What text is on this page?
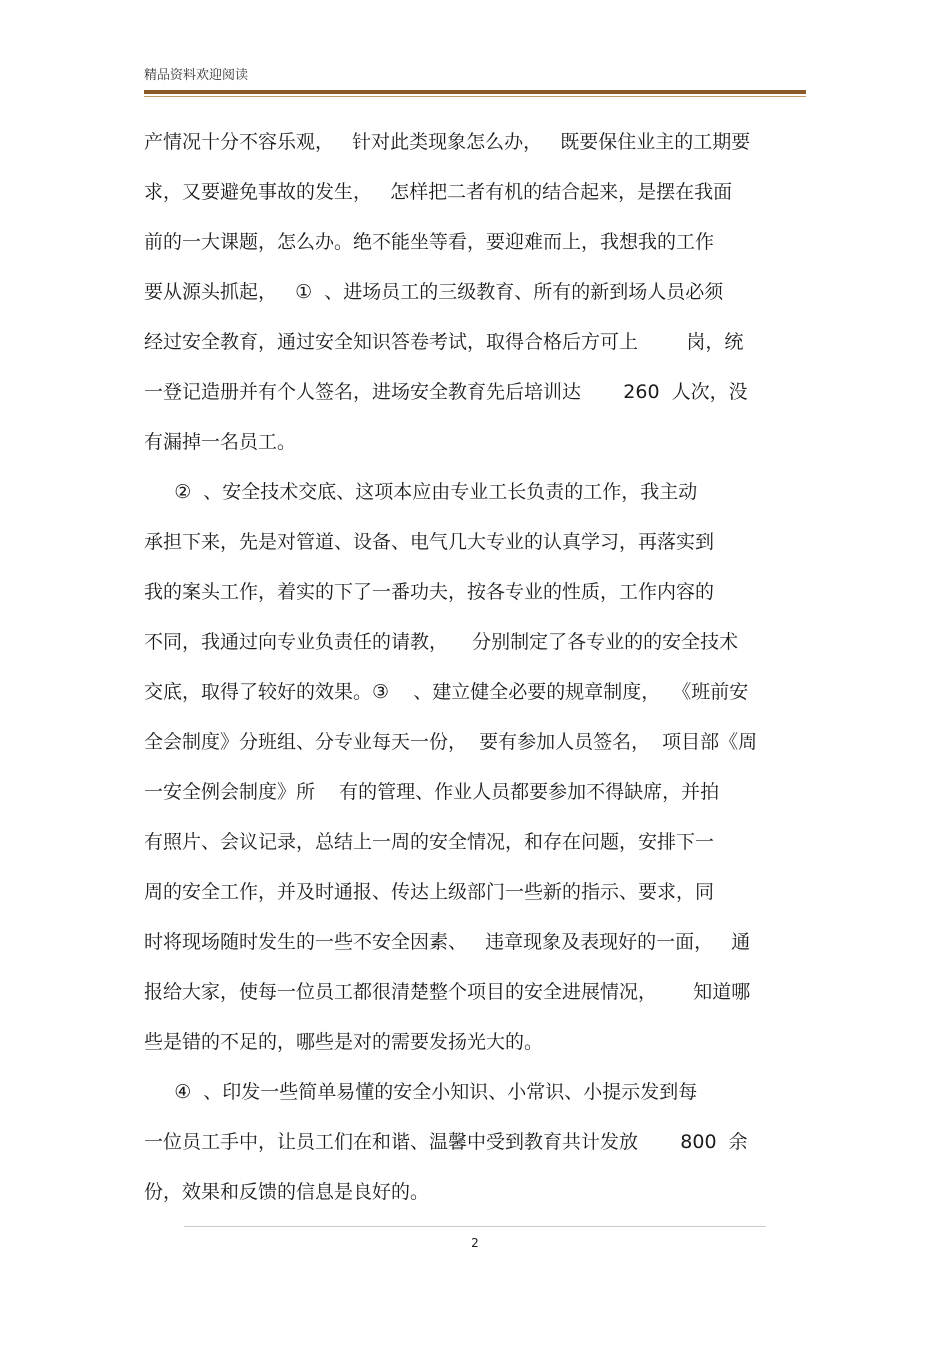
精品资料欢迎阅读
产情况十分不容乐观，   针对此类现象怎么办，   既要保住业主的工期要
求，又要避免事故的发生，   怎样把二者有机的结合起来，是摆在我面
前的一大课题，怎么办。绝不能坐等看，要迎难而上，我想我的工作
要从源头抓起，   ①  、进场员工的三级教育、所有的新到场人员必须
经过安全教育，通过安全知识答卷考试，取得合格后方可上        岗，统
一登记造册并有个人签名，进场安全教育先后培训达       260  人次，没
有漏掉一名员工。
②  、安全技术交底、这项本应由专业工长负责的工作，我主动
承担下来，先是对管道、设备、电气几大专业的认真学习，再落实到
我的案头工作，着实的下了一番功夫，按各专业的性质，工作内容的
不同，我通过向专业负责任的请教，    分别制定了各专业的的安全技术
交底，取得了较好的效果。③    、建立健全必要的规章制度，  《班前安
全会制度》分班组、分专业每天一份，  要有参加人员签名，  项目部《周
一安全例会制度》所    有的管理、作业人员都要参加不得缺席，并拍
有照片、会议记录，总结上一周的安全情况，和存在问题，安排下一
周的安全工作，并及时通报、传达上级部门一些新的指示、要求，同
时将现场随时发生的一些不安全因素、   违章现象及表现好的一面，   通
报给大家，使每一位员工都很清楚整个项目的安全进展情况，      知道哪
些是错的不足的，哪些是对的需要发扬光大的。
④  、印发一些简单易懂的安全小知识、小常识、小提示发到每
一位员工手中，让员工们在和谐、温馨中受到教育共计发放       800  余
份，效果和反馈的信息是良好的。
2
